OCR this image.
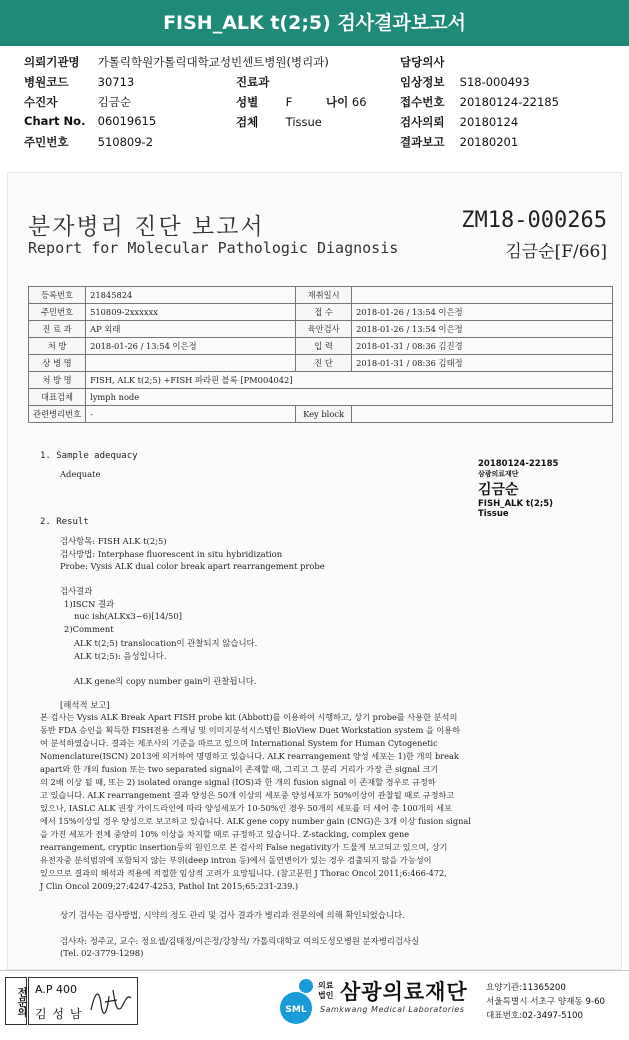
FISH_ALK t(2;5) 검사결과보고서
의뢰기관명 가톨릭학원가톨릭대학교성빈센트병원(병리과)	담당의사
병원코드	30713	진료과	임상정보 S18-000493
수진자	김금순	성별 F	나이 66	접수번호 20180124-22185
Chart No. 06019615	검체 Tissue	검사의뢰 20180124
주민번호	510809-2	결과보고 20180201
분자병리 진단 보고서
Report for Molecular Pathologic Diagnosis
ZM18-000265
김금순[F/66]
등록번호	21845824	재취일시	
주민번호	510809-2xxxxxx	접 수	2018-01-26 / 13:54 이은정
진 료 과	AP 외래	육안검사	2018-01-26 / 13:54 이은정
처 방	2018-01-26 / 13:54 이은정	입 력	2018-01-31 / 08:36 김진경
상 병 명		진 단	2018-01-31 / 08:36 김태정
처 방 명	FISH, ALK t(2;5) +FISH 파라핀 블록 [PM004042]		
대표검체	lymph node		
관련병리번호	-	Key block	
20180124-22185
삼광의료재단
김금순
FISH_ALK t(2;5)
Tissue
1. Sample adequacy
Adequate
2. Result
검사항목: FISH ALK t(2;5)
검사방법: Interphase fluorescent in situ hybridization
Probe: Vysis ALK dual color break apart rearrangement probe
검사결과
1)ISCN 결과
nuc ish(ALKx3~6)[14/50]
2)Comment
ALK t(2;5) translocation이 관찰되지 않습니다.
ALK t(2;5): 음성입니다.
ALK gene의 copy number gain이 관찰됩니다.
[해석적 보고]
본 검사는 Vysis ALK Break Apart FISH probe kit (Abbott)를 이용하여 시행하고, 상기 probe를 사용한 분석의
동반 FDA 승인을 획득한 FISH전용 스캐닝 및 이미지분석시스템인 BioView Duet Workstation system 을 이용하
여 분석하였습니다. 결과는 제조사의 기준을 따르고 있으며 International System for Human Cytogenetic
Nomenclature(ISCN) 2013에 의거하여 명명하고 있습니다. ALK rearrangement 양성 세포는 1)한 개의 break
apart와 한 개의 fusion 또는 two separated signal이 존재할 때, 그리고 그 분리 거리가 가장 큰 signal 크기
의 2배 이상 될 때, 또는 2) isolated orange signal (IOS)과 한 개의 fusion signal 이 존재할 경우로 규정하
고 있습니다. ALK rearrangement 결과 양성은 50개 이상의 세포중 양성세포가 50%이상이 관찰될 때로 규정하고
있으나, IASLC ALK 권장 가이드라인에 따라 양성세포가 10-50%인 경우 50개의 세포를 더 세어 총 100개의 세포
에서 15%이상일 경우 양성으로 보고하고 있습니다. ALK gene copy number gain (CNG)은 3개 이상 fusion signal
을 가진 세포가 전체 중양의 10% 이상을 차지할 때로 규정하고 있습니다. Z-stacking, complex gene
rearrangement, cryptic insertion등의 원인으로 본 검사의 False negativity가 드물게 보고되고 있으며, 상기
유전자중 분석범위에 포함되지 않는 부위(deep intron 등)에서 돌연변이가 있는 경우 검출되지 않을 가능성이
있으므로 결과의 해석과 적용에 적절한 임상적 고려가 요망됩니다. (참고문헌 J Thorac Oncol 2011;6:466-472,
J Clin Oncol 2009;27:4247-4253, Pathol Int 2015;65:231-239.)
상기 검사는 검사방법, 시약의 정도 관리 및 검사 결과가 병리과 전문의에 의해 확인되었습니다.
검사자: 정주교, 교수: 정요셉/김태정/이은정/강창석/ 가톨릭대학교 여의도성모병원 분자병리검사실
(Tel. 02-3779-1298)
전문의 A.P 400
김 성 남	SML
의료
법인 삼광의료재단
Samkwang Medical Laboratories
요양기관:11365200
서울특별시 서초구 양재동 9-60
대표번호:02-3497-5100
